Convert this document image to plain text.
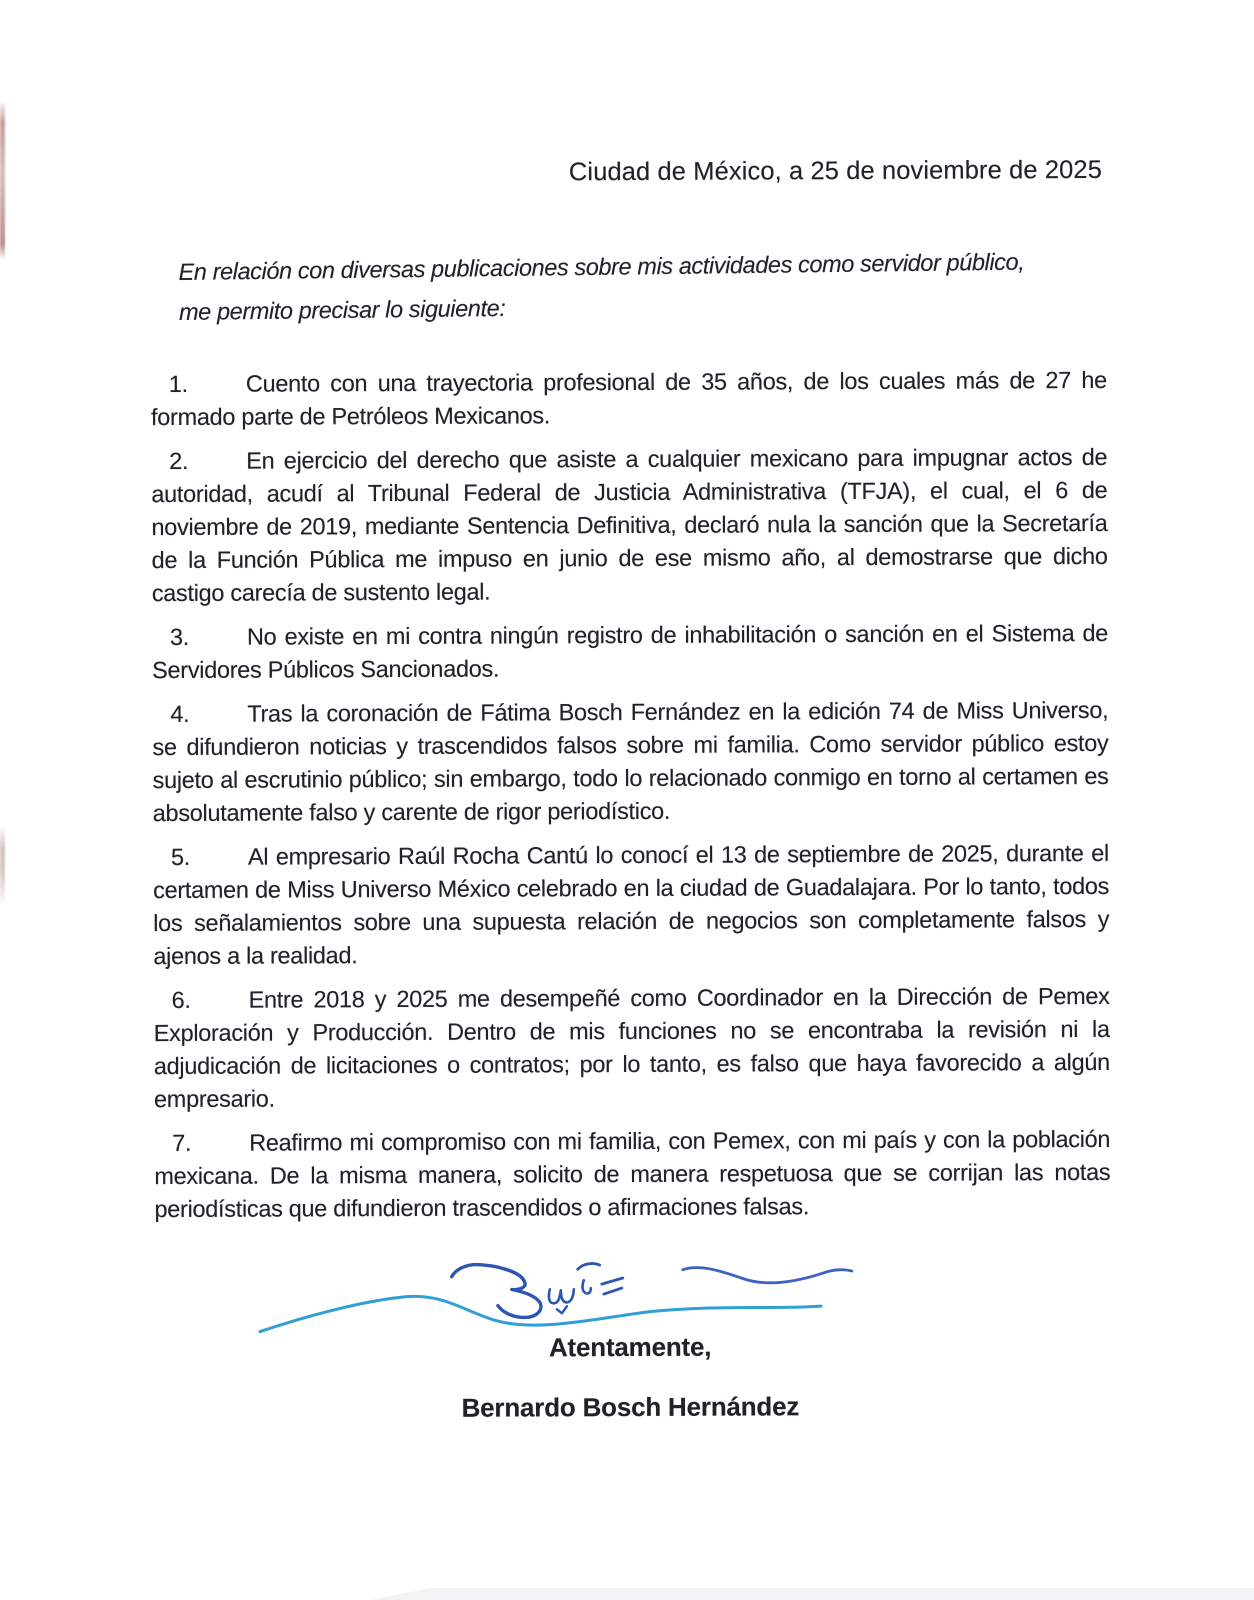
Ciudad de México, a 25 de noviembre de 2025
En relación con diversas publicaciones sobre mis actividades como servidor público,
me permito precisar lo siguiente:

1. Cuento con una trayectoria profesional de 35 años, de los cuales más de 27 he formado parte de Petróleos Mexicanos.

2. En ejercicio del derecho que asiste a cualquier mexicano para impugnar actos de autoridad, acudí al Tribunal Federal de Justicia Administrativa (TFJA), el cual, el 6 de noviembre de 2019, mediante Sentencia Definitiva, declaró nula la sanción que la Secretaría de la Función Pública me impuso en junio de ese mismo año, al demostrarse que dicho castigo carecía de sustento legal.

3. No existe en mi contra ningún registro de inhabilitación o sanción en el Sistema de Servidores Públicos Sancionados.

4. Tras la coronación de Fátima Bosch Fernández en la edición 74 de Miss Universo, se difundieron noticias y trascendidos falsos sobre mi familia. Como servidor público estoy sujeto al escrutinio público; sin embargo, todo lo relacionado conmigo en torno al certamen es absolutamente falso y carente de rigor periodístico.

5. Al empresario Raúl Rocha Cantú lo conocí el 13 de septiembre de 2025, durante el certamen de Miss Universo México celebrado en la ciudad de Guadalajara. Por lo tanto, todos los señalamientos sobre una supuesta relación de negocios son completamente falsos y ajenos a la realidad.

6. Entre 2018 y 2025 me desempeñé como Coordinador en la Dirección de Pemex Exploración y Producción. Dentro de mis funciones no se encontraba la revisión ni la adjudicación de licitaciones o contratos; por lo tanto, es falso que haya favorecido a algún empresario.

7. Reafirmo mi compromiso con mi familia, con Pemex, con mi país y con la población mexicana. De la misma manera, solicito de manera respetuosa que se corrijan las notas periodísticas que difundieron trascendidos o afirmaciones falsas.

Atentamente,
Bernardo Bosch Hernández
